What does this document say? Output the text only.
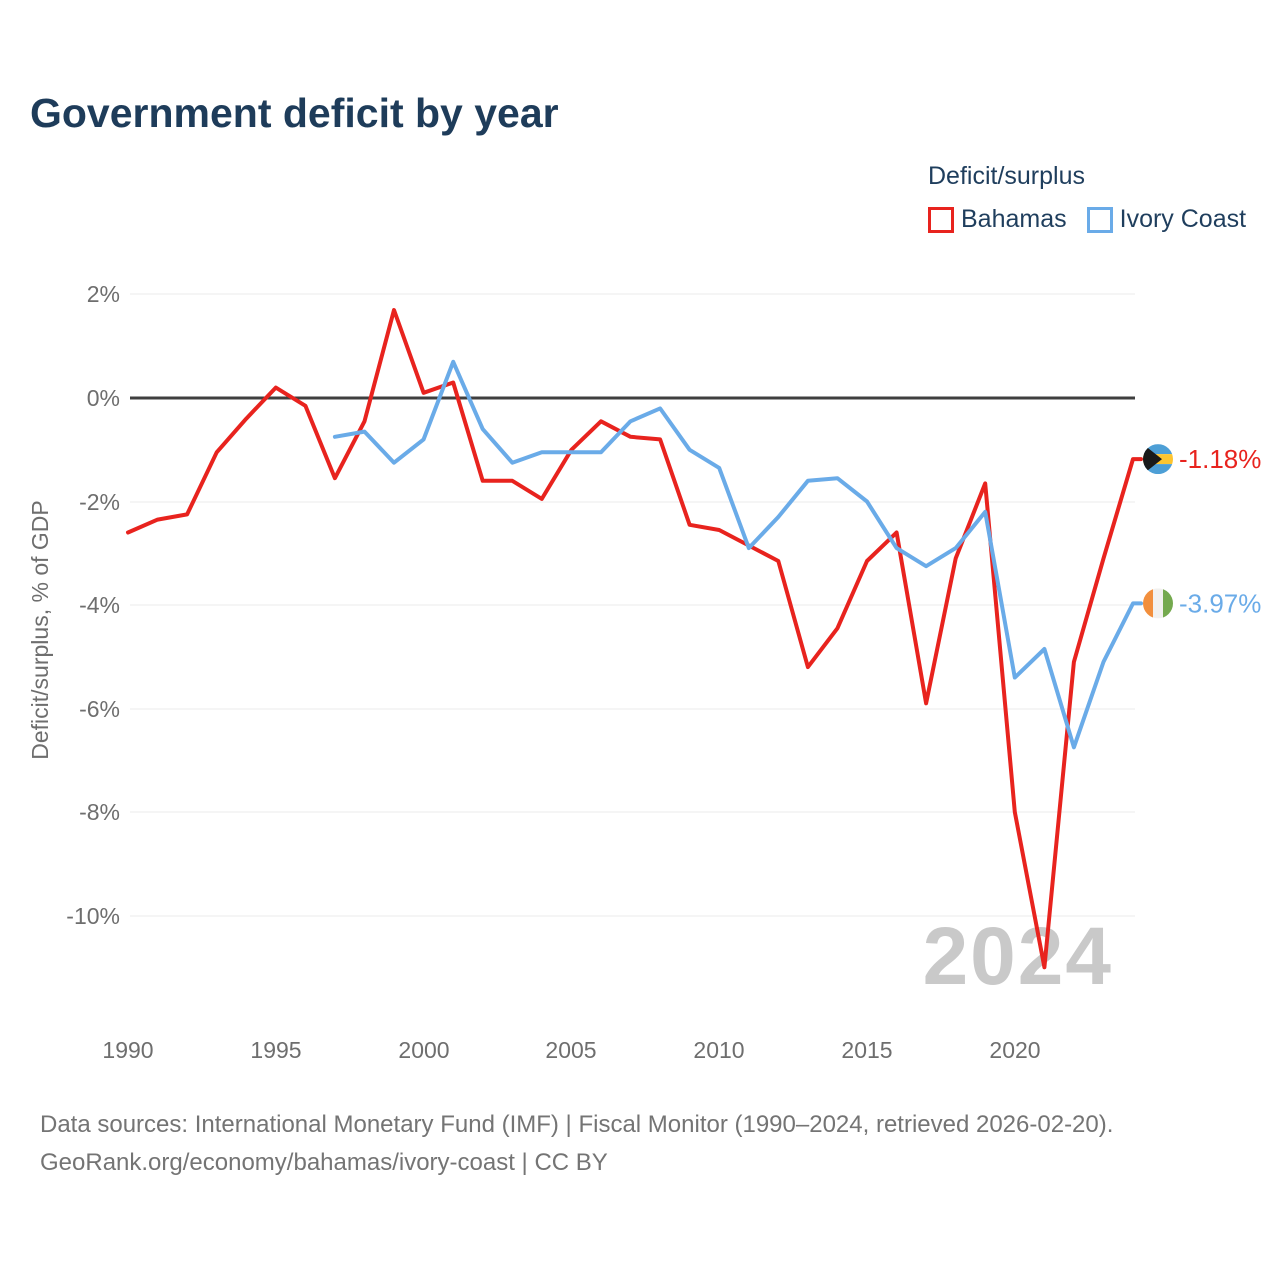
2%
0%
-2%
-4%
-6%
-8%
-10%
1990	1995	2000	2005	2010	2015	2020
Deficit/surplus, % of GDP
2024
-1.18%
-3.97%
Government deficit by year
Deficit/surplus
Bahamas Ivory Coast
Data sources: International Monetary Fund (IMF) | Fiscal Monitor (1990–2024, retrieved 2026-02-20).
GeoRank.org/economy/bahamas/ivory-coast | CC BY
